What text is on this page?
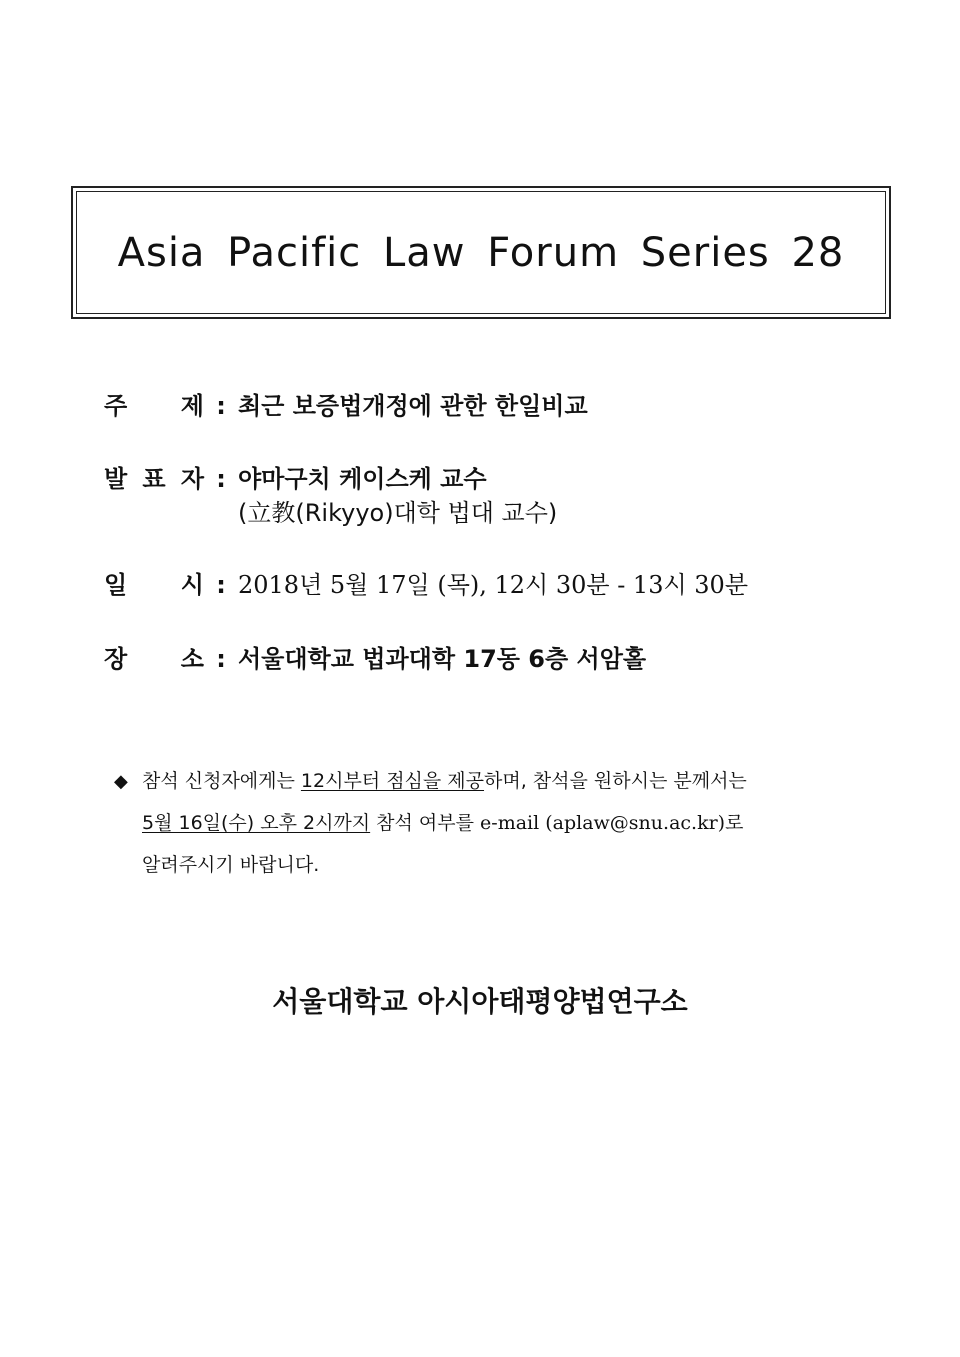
Asia Pacific Law Forum Series 28
주 제 : 최근 보증법개정에 관한 한일비교
발 표 자 : 야마구치 케이스케 교수
(立教(Rikyyo)대학 법대 교수)
일 시 : 2018년 5월 17일 (목), 12시 30분 - 13시 30분
장 소 : 서울대학교 법과대학 17동 6층 서암홀
◆ 참석 신청자에게는 12시부터 점심을 제공하며, 참석을 원하시는 분께서는
5월 16일(수) 오후 2시까지 참석 여부를 e-mail (aplaw@snu.ac.kr)로
알려주시기 바랍니다.
서울대학교 아시아태평양법연구소
